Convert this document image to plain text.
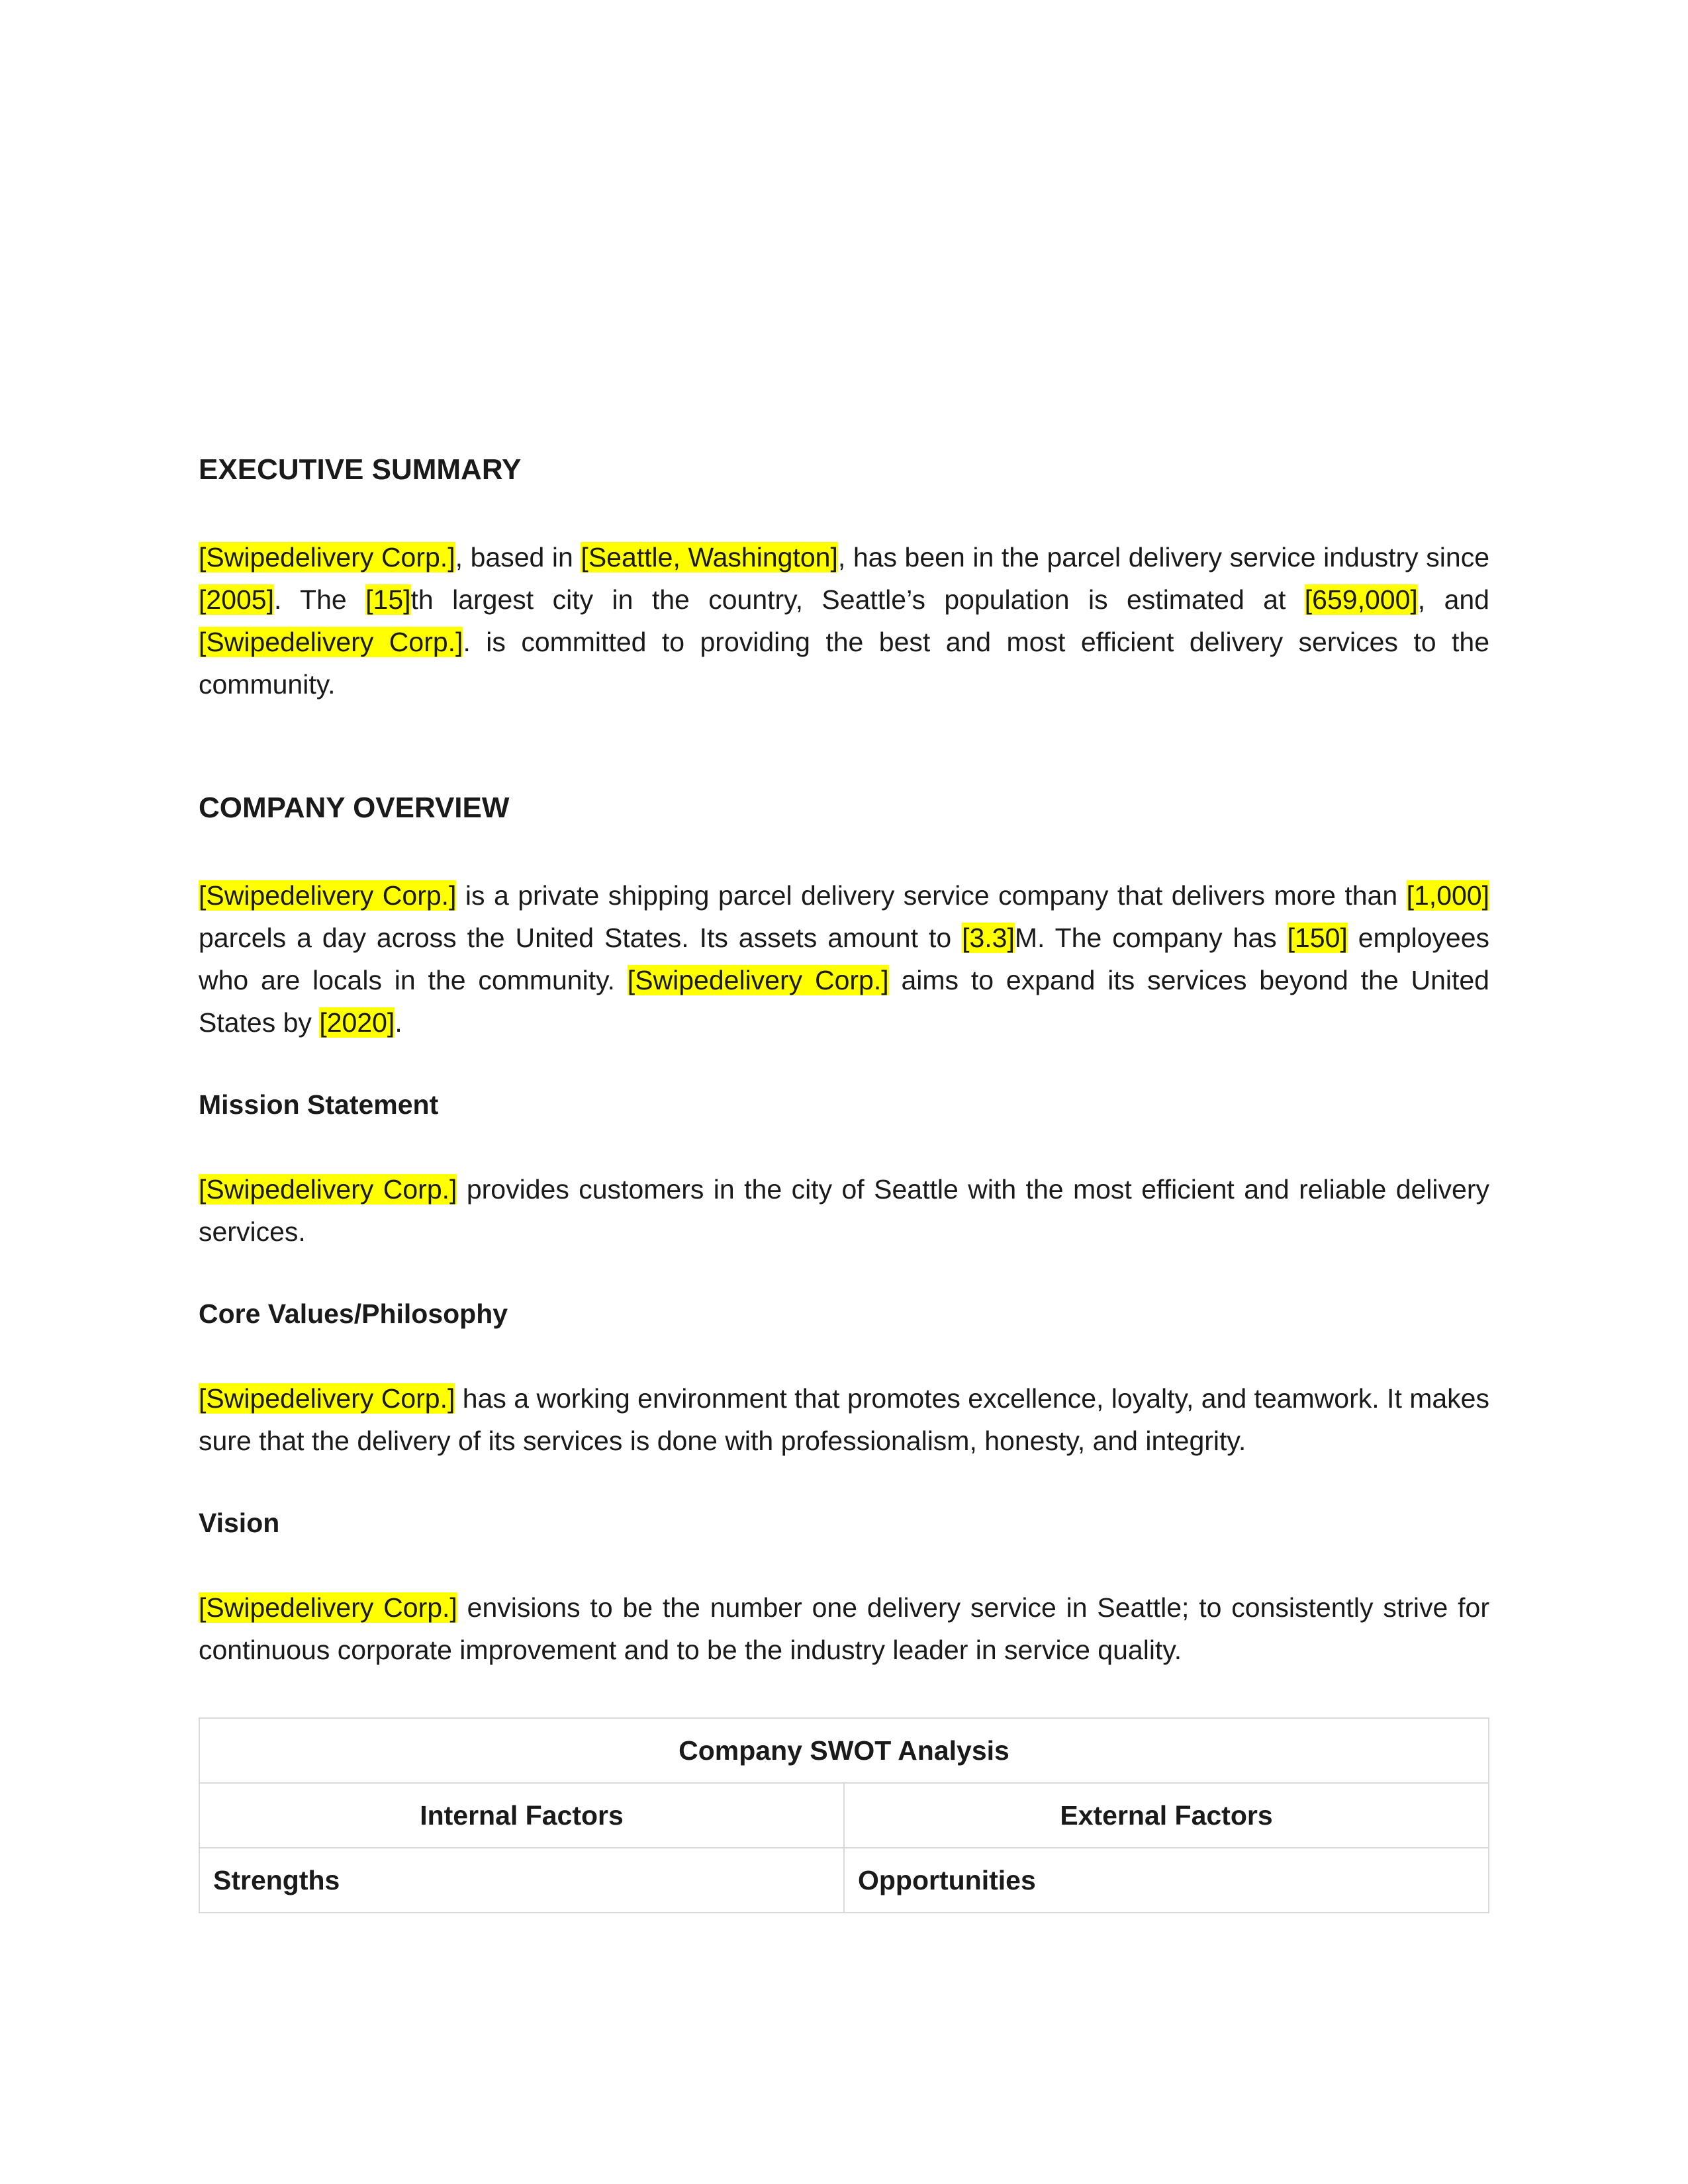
EXECUTIVE SUMMARY

[Swipedelivery Corp.], based in [Seattle, Washington], has been in the parcel delivery service industry since [2005]. The [15]th largest city in the country, Seattle’s population is estimated at [659,000], and [Swipedelivery Corp.]. is committed to providing the best and most efficient delivery services to the community.

COMPANY OVERVIEW

[Swipedelivery Corp.] is a private shipping parcel delivery service company that delivers more than [1,000] parcels a day across the United States. Its assets amount to [3.3]M. The company has [150] employees who are locals in the community. [Swipedelivery Corp.] aims to expand its services beyond the United States by [2020].

Mission Statement

[Swipedelivery Corp.] provides customers in the city of Seattle with the most efficient and reliable delivery services.

Core Values/Philosophy

[Swipedelivery Corp.] has a working environment that promotes excellence, loyalty, and teamwork. It makes sure that the delivery of its services is done with professionalism, honesty, and integrity.

Vision

[Swipedelivery Corp.] envisions to be the number one delivery service in Seattle; to consistently strive for continuous corporate improvement and to be the industry leader in service quality.

Company SWOT Analysis	
Internal Factors	External Factors
Strengths	Opportunities
